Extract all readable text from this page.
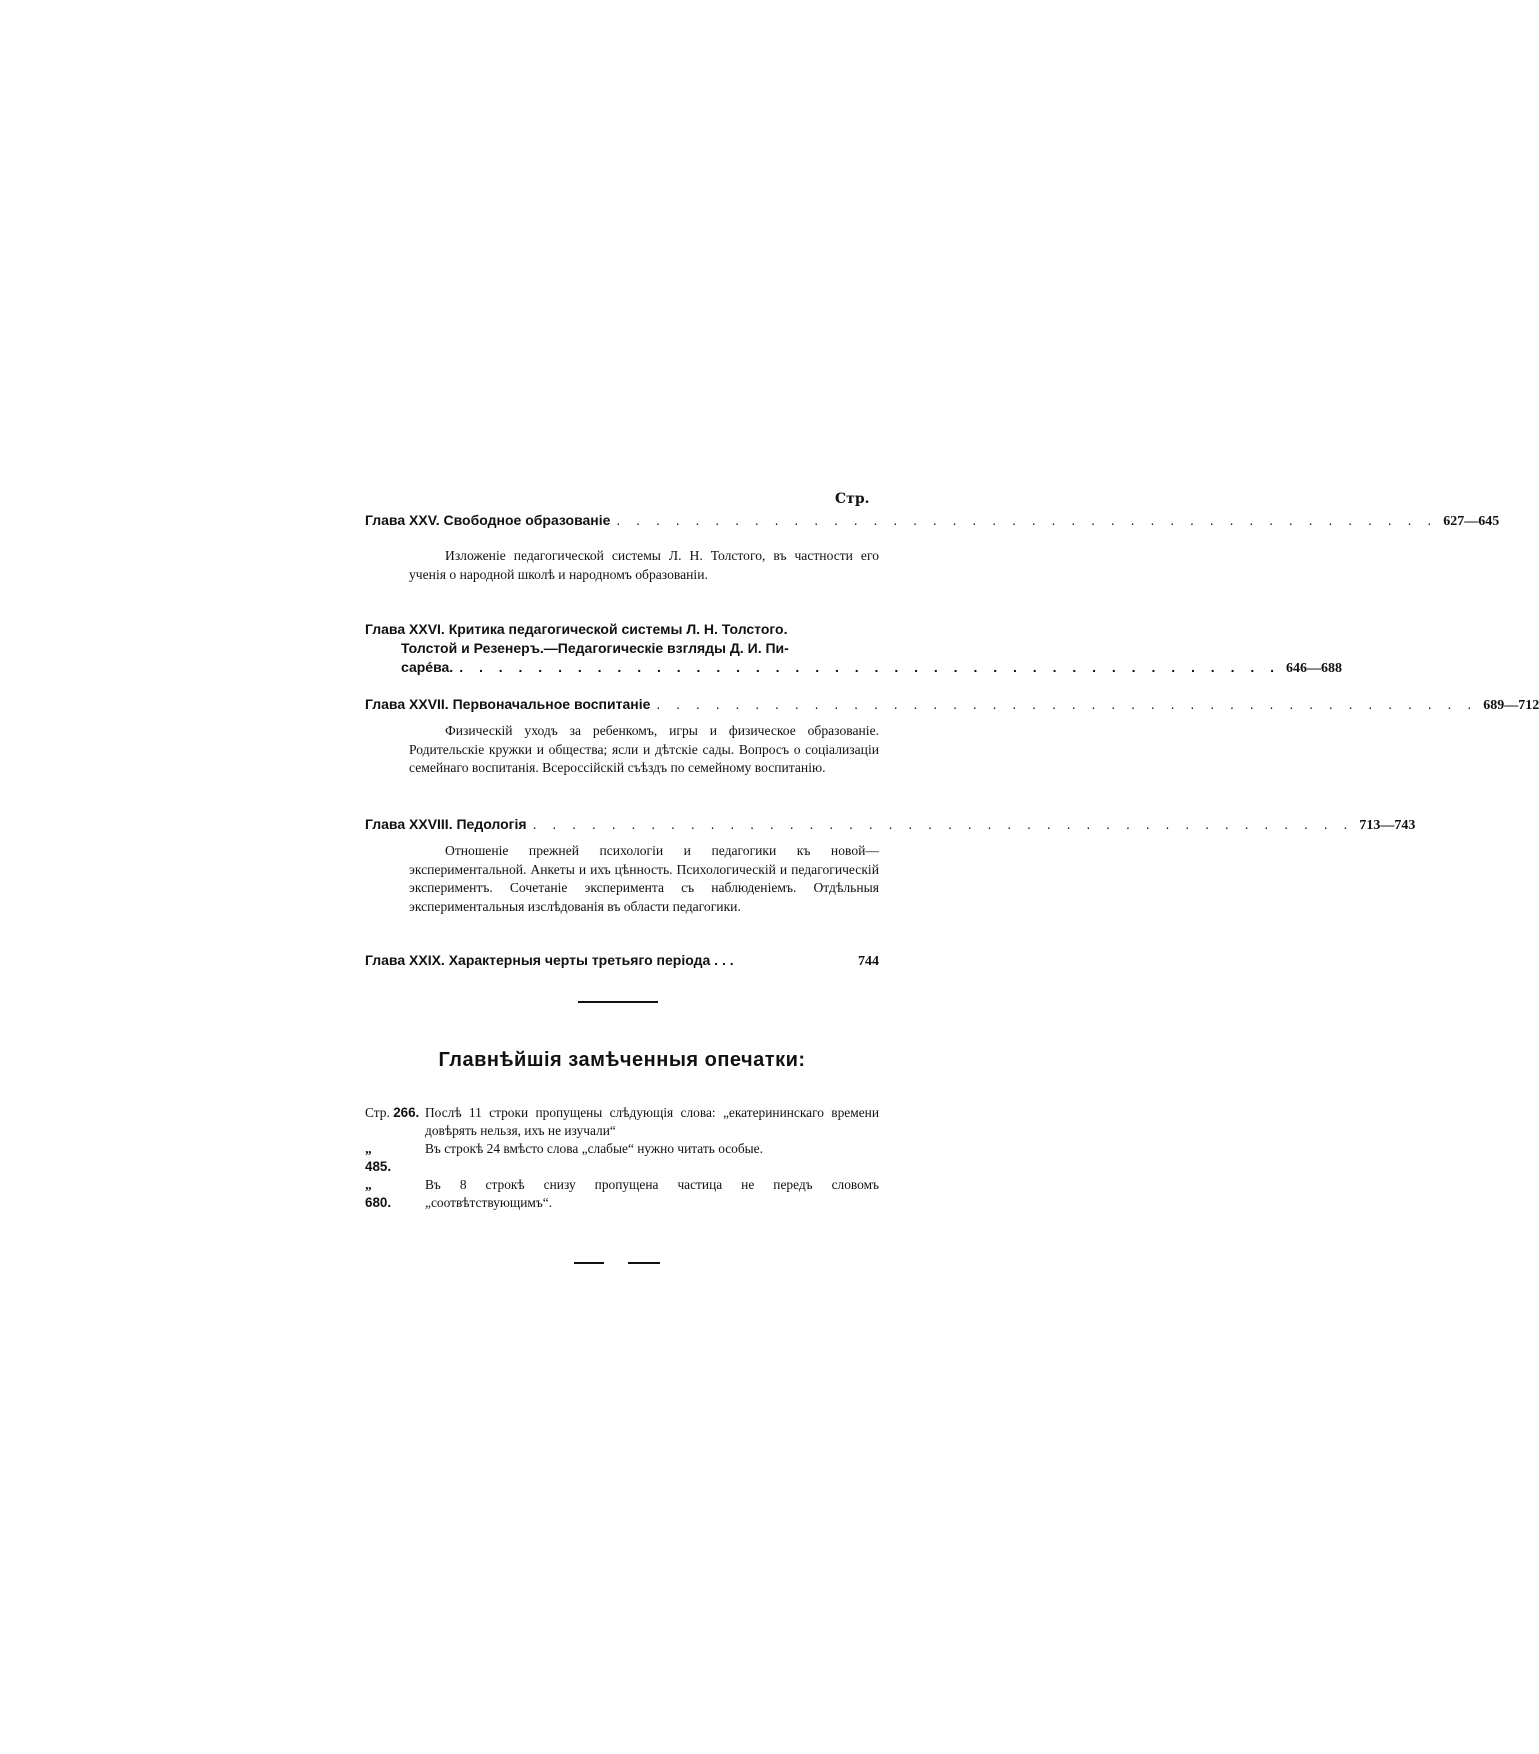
Стр.
Глава XXV. Свободное образованіе . . . . . . . . . . . . . . . . . . . . . . . . . . . . . . . . . . . . . . . . . . 627—645

Изложеніе педагогической системы Л. Н. Толстого, въ частности его ученія о народной школѣ и народномъ образованіи.

Глава XXVI. Критика педагогической системы Л. Н. Толстого.
Толстой и Резенеръ.—Педагогическіе взгляды Д. И. Пи-
сарéва. . . . . . . . . . . . . . . . . . . . . . . . . . . . . . . . . . . . . . . . . . . 646—688
Глава XXVII. Первоначальное воспитаніе . . . . . . . . . . . . . . . . . . . . . . . . . . . . . . . . . . . . . . . . . . 689—712

Физическій уходъ за ребенкомъ, игры и физическое образованіе. Родительскіе кружки и общества; ясли и дѣтскіе сады. Вопросъ о соціализаціи семейнаго воспитанія. Всероссійскій съѣздъ по семейному воспитанію.

Глава XXVIII. Педологія . . . . . . . . . . . . . . . . . . . . . . . . . . . . . . . . . . . . . . . . . . 713—743

Отношеніе прежней психологіи и педагогики къ новой—экспериментальной. Анкеты и ихъ цѣнность. Психологическій и педагогическій экспериментъ. Сочетаніе эксперимента съ наблюденіемъ. Отдѣльныя экспериментальныя изслѣдованія въ области педагогики.

Глава XXIX. Характерныя черты третьяго періода . . .	744
Главнѣйшія замѣченныя опечатки:
Стр. 266. Послѣ 11 строки пропущены слѣдующія слова: „екатерининскаго времени довѣрять нельзя, ихъ не изучали“
„485.
Въ строкѣ 24 вмѣсто слова „слабые“ нужно читать особые.
„680.
Въ 8 строкѣ снизу пропущена частица не передъ словомъ „соотвѣтствующимъ“.
